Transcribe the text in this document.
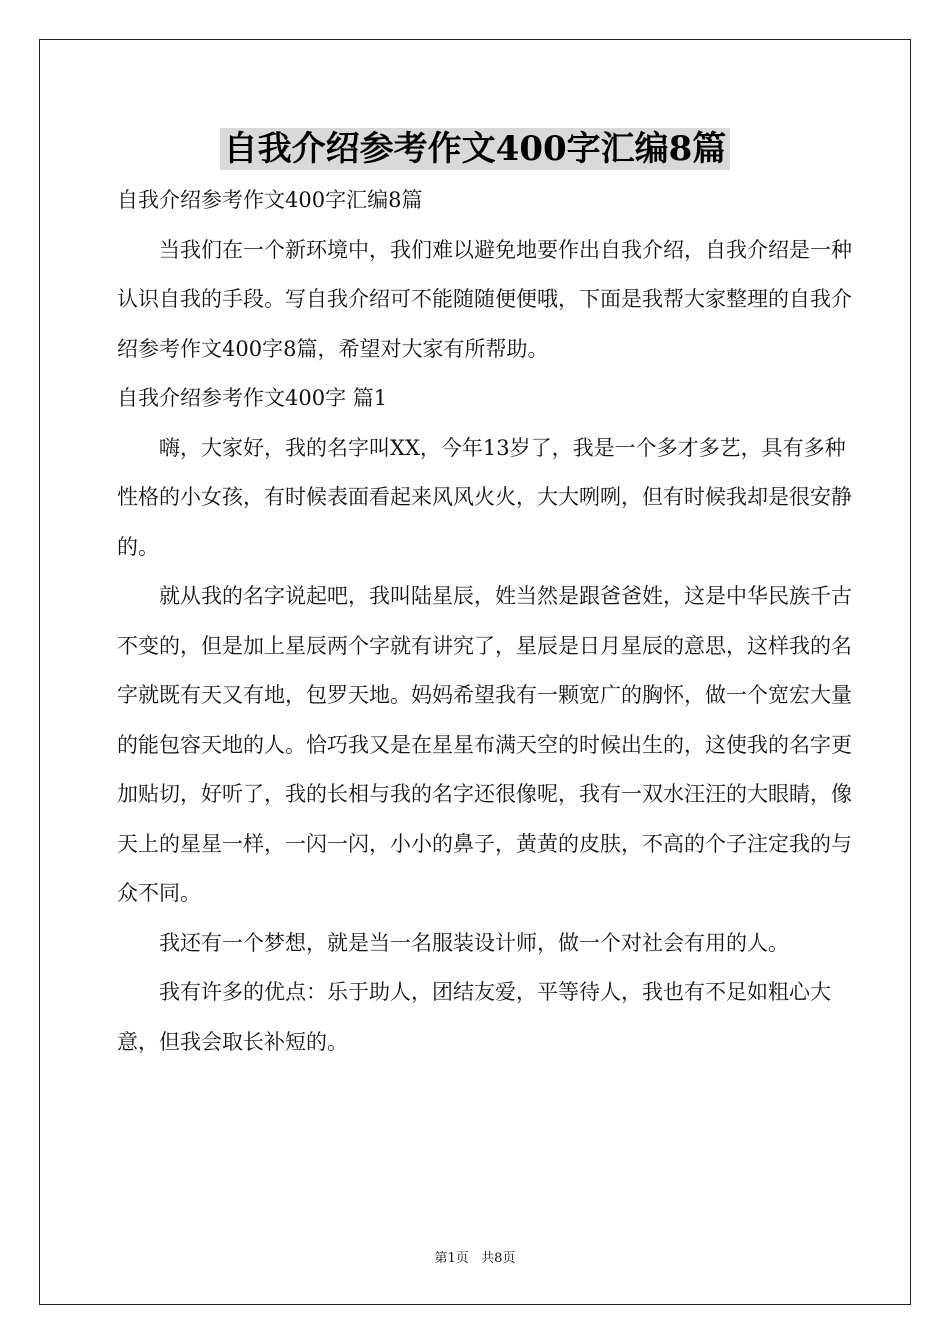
自我介绍参考作文400字汇编8篇

自我介绍参考作文400字汇编8篇

当我们在一个新环境中，我们难以避免地要作出自我介绍，自我介绍是一种认识自我的手段。写自我介绍可不能随随便便哦，下面是我帮大家整理的自我介绍参考作文400字8篇，希望对大家有所帮助。

自我介绍参考作文400字 篇1

嗨，大家好，我的名字叫XX，今年13岁了，我是一个多才多艺，具有多种性格的小女孩，有时候表面看起来风风火火，大大咧咧，但有时候我却是很安静的。

就从我的名字说起吧，我叫陆星辰，姓当然是跟爸爸姓，这是中华民族千古不变的，但是加上星辰两个字就有讲究了，星辰是日月星辰的意思，这样我的名字就既有天又有地，包罗天地。妈妈希望我有一颗宽广的胸怀，做一个宽宏大量的能包容天地的人。恰巧我又是在星星布满天空的时候出生的，这使我的名字更加贴切，好听了，我的长相与我的名字还很像呢，我有一双水汪汪的大眼睛，像天上的星星一样，一闪一闪，小小的鼻子，黄黄的皮肤，不高的个子注定我的与众不同。

我还有一个梦想，就是当一名服装设计师，做一个对社会有用的人。

我有许多的优点：乐于助人，团结友爱，平等待人，我也有不足如粗心大意，但我会取长补短的。

第1页   共8页
